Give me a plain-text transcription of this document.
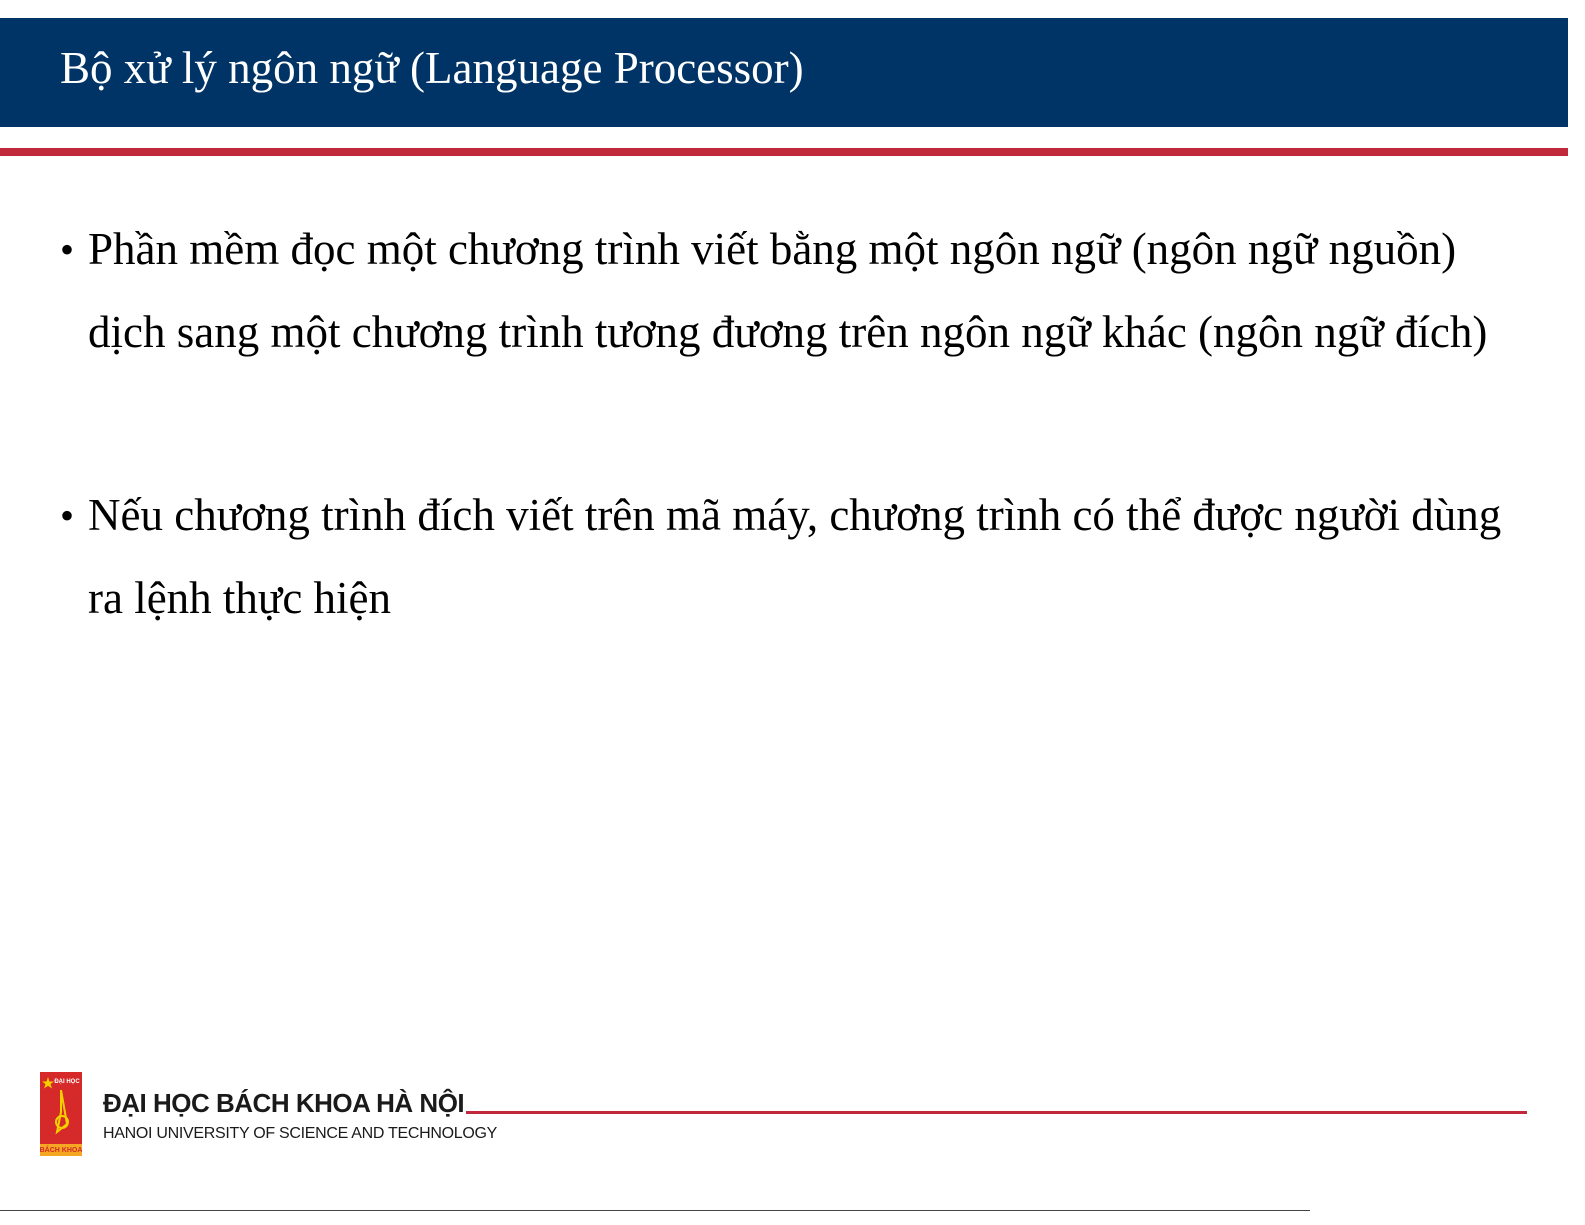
Bộ xử lý ngôn ngữ (Language Processor)
• Phần mềm đọc một chương trình viết bằng một ngôn ngữ (ngôn ngữ nguồn) dịch sang một chương trình tương đương trên ngôn ngữ khác (ngôn ngữ đích)
• Nếu chương trình đích viết trên mã máy, chương trình có thể được người dùng ra lệnh thực hiện
ĐẠI HỌC
BÁCH KHOA
ĐẠI HỌC BÁCH KHOA HÀ NỘI
HANOI UNIVERSITY OF SCIENCE AND TECHNOLOGY
